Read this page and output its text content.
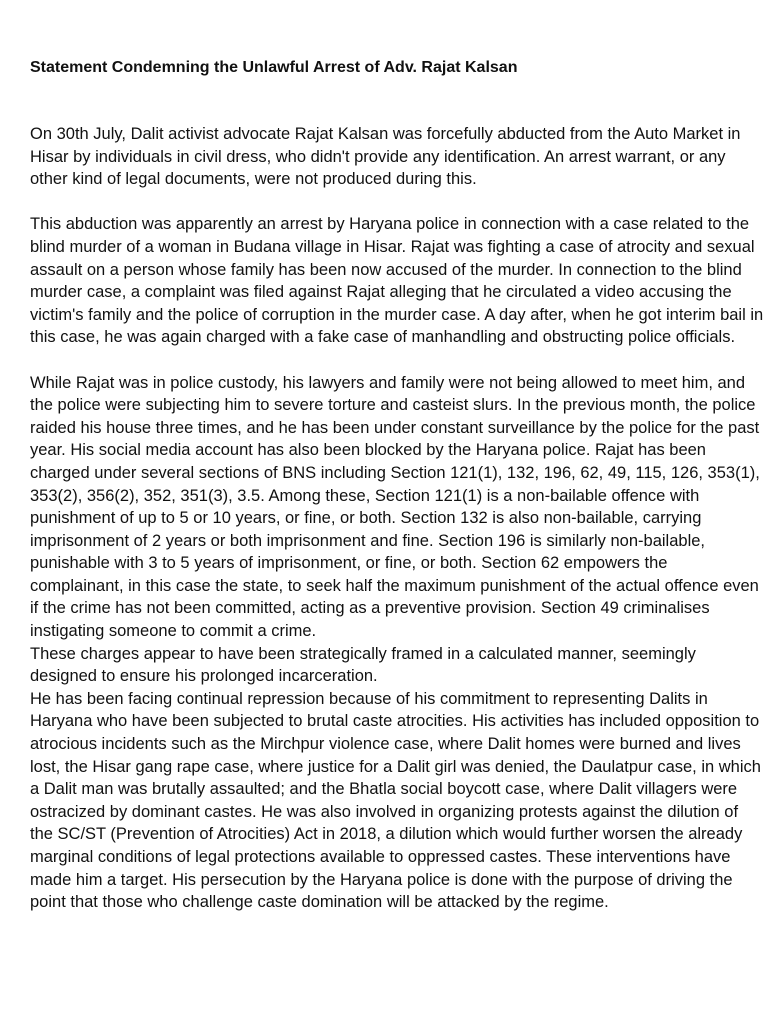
Statement Condemning the Unlawful Arrest of Adv. Rajat Kalsan

On 30th July, Dalit activist advocate Rajat Kalsan was forcefully abducted from the Auto Market in Hisar by individuals in civil dress, who didn't provide any identification. An arrest warrant, or any other kind of legal documents, were not produced during this.

This abduction was apparently an arrest by Haryana police in connection with a case related to the blind murder of a woman in Budana village in Hisar. Rajat was fighting a case of atrocity and sexual assault on a person whose family has been now accused of the murder. In connection to the blind murder case, a complaint was filed against Rajat alleging that he circulated a video accusing the victim's family and the police of corruption in the murder case. A day after, when he got interim bail in this case, he was again charged with a fake case of manhandling and obstructing police officials.

While Rajat was in police custody, his lawyers and family were not being allowed to meet him, and the police were subjecting him to severe torture and casteist slurs. In the previous month, the police raided his house three times, and he has been under constant surveillance by the police for the past year. His social media account has also been blocked by the Haryana police. Rajat has been charged under several sections of BNS including Section 121(1), 132, 196, 62, 49, 115, 126, 353(1), 353(2), 356(2), 352, 351(3), 3.5. Among these, Section 121(1) is a non-bailable offence with punishment of up to 5 or 10 years, or fine, or both. Section 132 is also non-bailable, carrying imprisonment of 2 years or both imprisonment and fine. Section 196 is similarly non-bailable, punishable with 3 to 5 years of imprisonment, or fine, or both. Section 62 empowers the complainant, in this case the state, to seek half the maximum punishment of the actual offence even if the crime has not been committed, acting as a preventive provision. Section 49 criminalises instigating someone to commit a crime.

These charges appear to have been strategically framed in a calculated manner, seemingly designed to ensure his prolonged incarceration.

He has been facing continual repression because of his commitment to representing Dalits in Haryana who have been subjected to brutal caste atrocities. His activities has included opposition to atrocious incidents such as the Mirchpur violence case, where Dalit homes were burned and lives lost, the Hisar gang rape case, where justice for a Dalit girl was denied, the Daulatpur case, in which a Dalit man was brutally assaulted; and the Bhatla social boycott case, where Dalit villagers were ostracized by dominant castes. He was also involved in organizing protests against the dilution of the SC/ST (Prevention of Atrocities) Act in 2018, a dilution which would further worsen the already marginal conditions of legal protections available to oppressed castes. These interventions have made him a target. His persecution by the Haryana police is done with the purpose of driving the point that those who challenge caste domination will be attacked by the regime.
